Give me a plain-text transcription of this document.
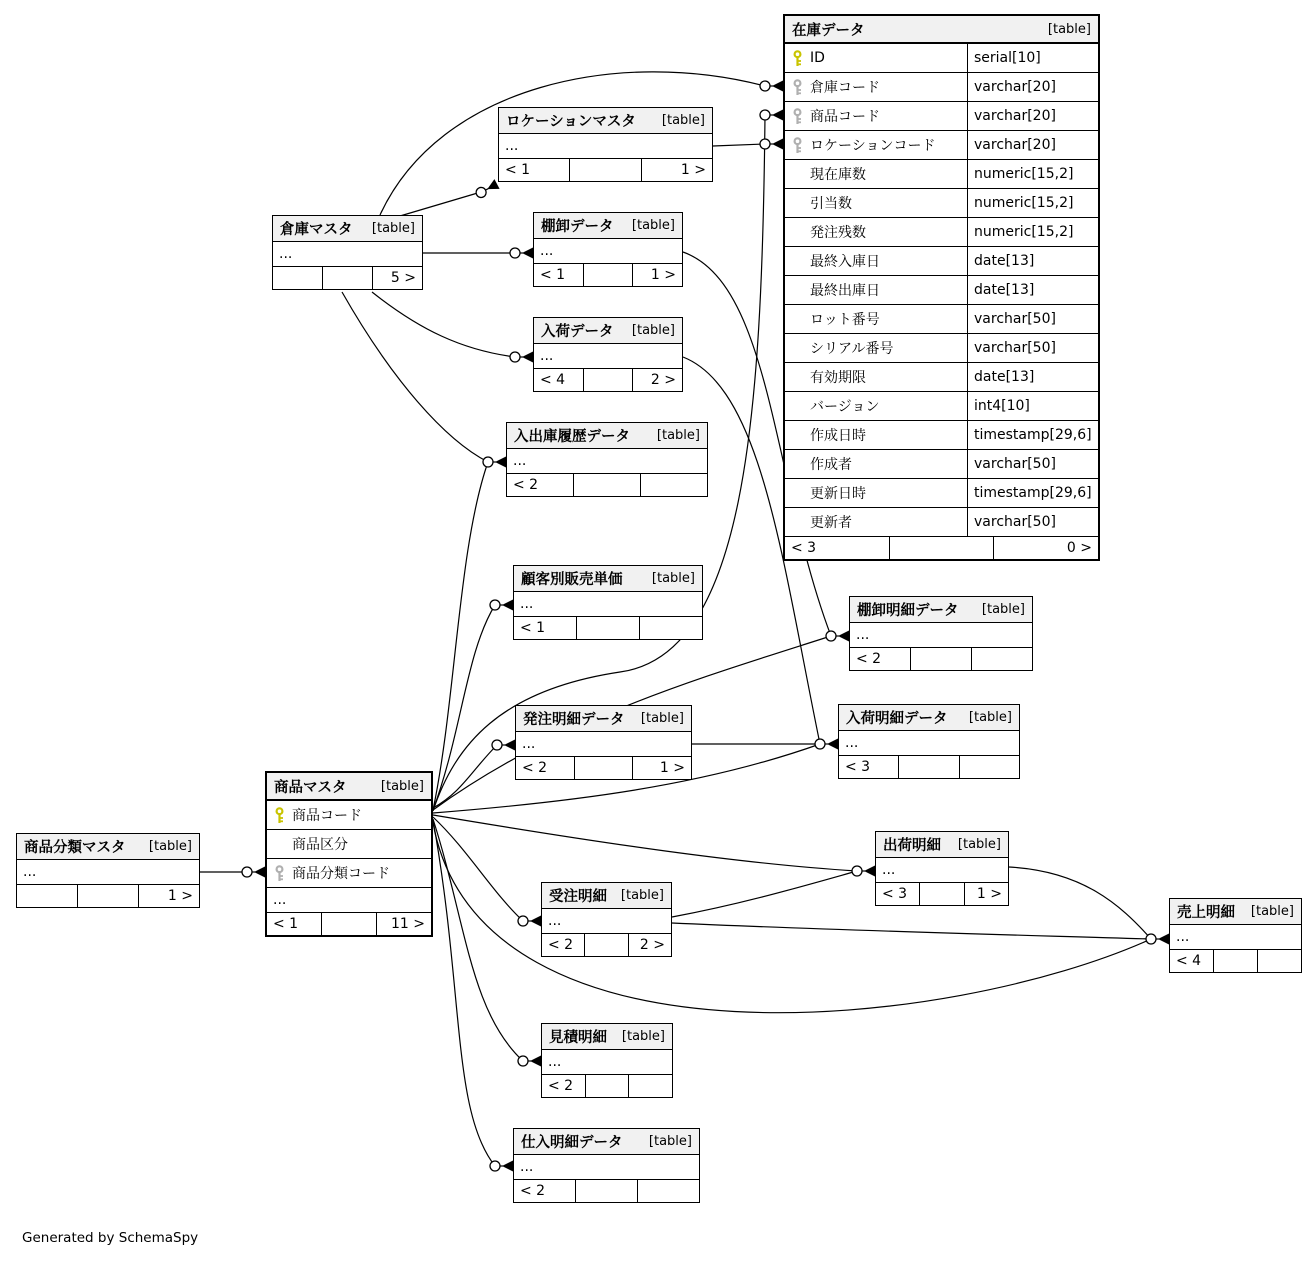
在庫データ	[table]
ID	serial[10]
倉庫コード	varchar[20]
商品コード	varchar[20]
ロケーションコード	varchar[20]
現在庫数	numeric[15,2]
引当数	numeric[15,2]
発注残数	numeric[15,2]
最終入庫日	date[13]
最終出庫日	date[13]
ロット番号	varchar[50]
シリアル番号	varchar[50]
有効期限	date[13]
バージョン	int4[10]
作成日時	timestamp[29,6]
作成者	varchar[50]
更新日時	timestamp[29,6]
更新者	varchar[50]
< 3	0 >
ロケーションマスタ [table]
...
< 1	1 >
倉庫マスタ [table]
...
5 >
棚卸データ [table]
...
< 1	1 >
入荷データ [table]
...
< 4	2 >
入出庫履歴データ [table]
...
< 2
顧客別販売単価 [table]
...
< 1
棚卸明細データ [table]
...
< 2
発注明細データ [table]
...
< 2	1 >
入荷明細データ [table]
...
< 3
商品分類マスタ [table]
...
1 >
商品マスタ	[table]
商品コード
商品区分
商品分類コード
...
< 1	11 >
出荷明細 [table]
...
< 3	1 >
受注明細 [table]
...
< 2	2 >
売上明細 [table]
...
< 4
見積明細 [table]
...
< 2
仕入明細データ [table]
...
< 2
Generated by SchemaSpy
